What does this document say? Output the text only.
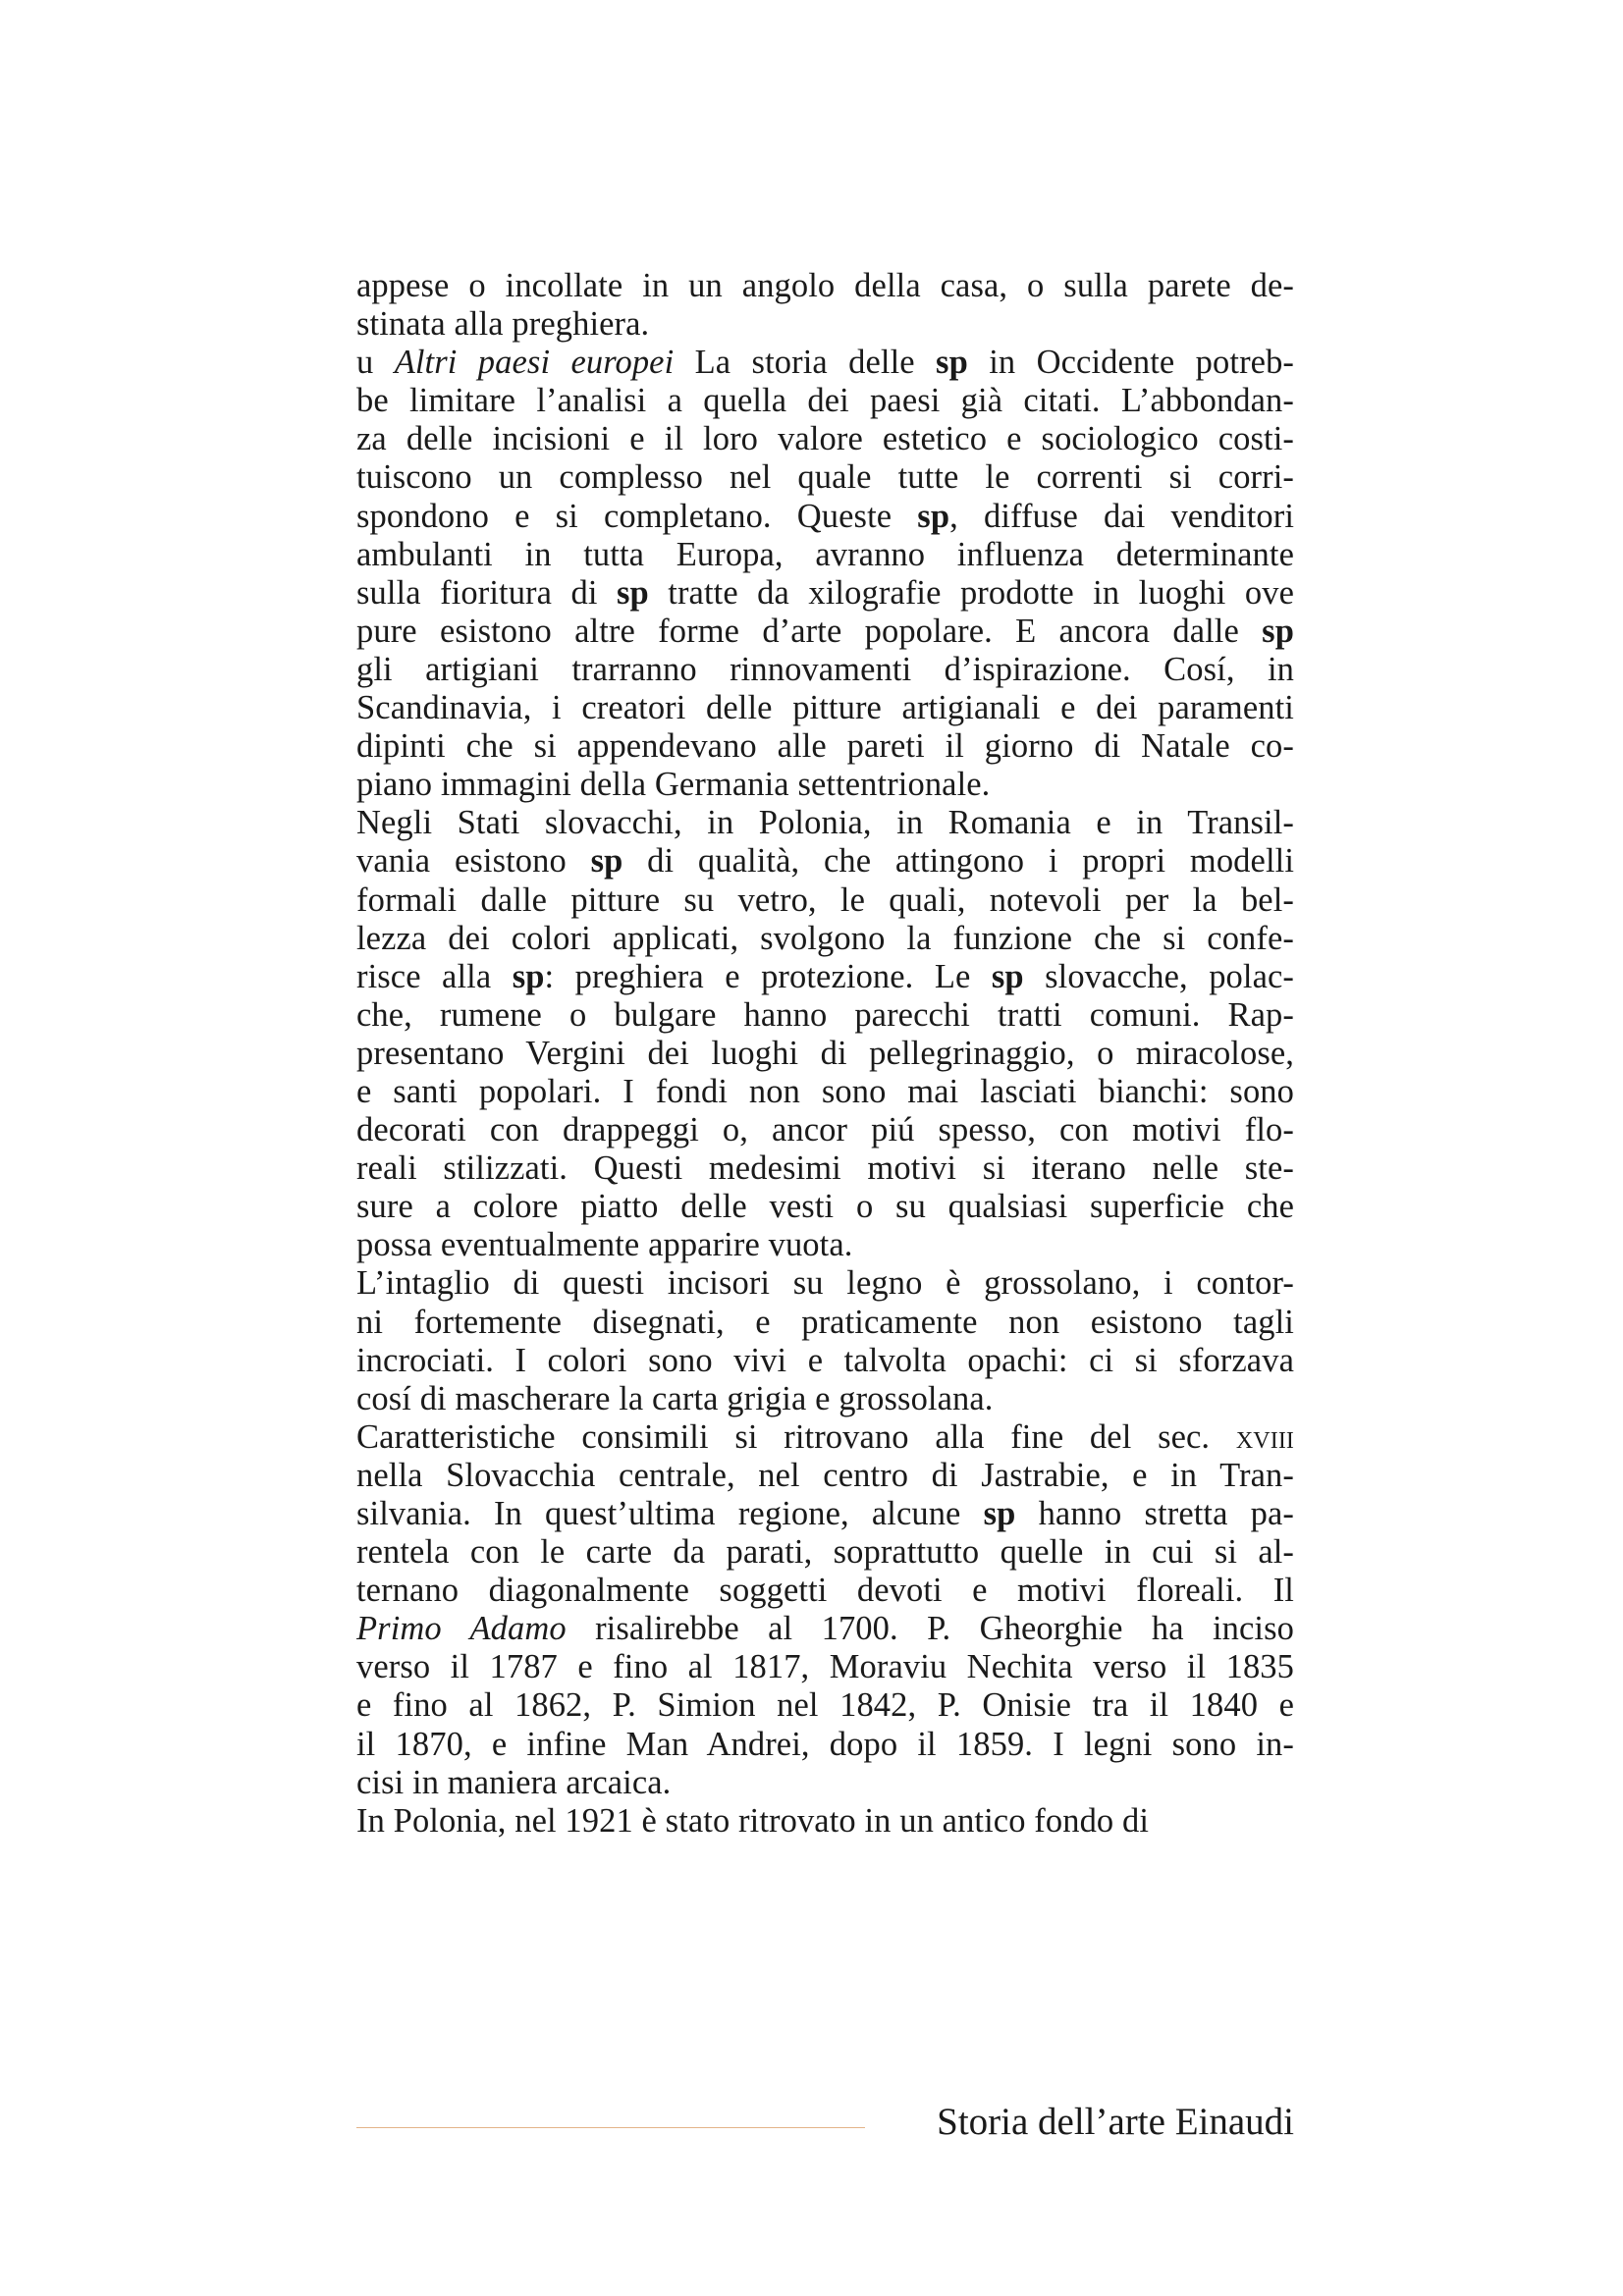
appese o incollate in un angolo della casa, o sulla parete de-
stinata alla preghiera.
u Altri paesi europei La storia delle sp in Occidente potreb-
be limitare l’analisi a quella dei paesi già citati. L’abbondan-
za delle incisioni e il loro valore estetico e sociologico costi-
tuiscono un complesso nel quale tutte le correnti si corri-
spondono e si completano. Queste sp, diffuse dai venditori
ambulanti in tutta Europa, avranno influenza determinante
sulla fioritura di sp tratte da xilografie prodotte in luoghi ove
pure esistono altre forme d’arte popolare. E ancora dalle sp
gli artigiani trarranno rinnovamenti d’ispirazione. Cosí, in
Scandinavia, i creatori delle pitture artigianali e dei paramenti
dipinti che si appendevano alle pareti il giorno di Natale co-
piano immagini della Germania settentrionale.
Negli Stati slovacchi, in Polonia, in Romania e in Transil-
vania esistono sp di qualità, che attingono i propri modelli
formali dalle pitture su vetro, le quali, notevoli per la bel-
lezza dei colori applicati, svolgono la funzione che si confe-
risce alla sp: preghiera e protezione. Le sp slovacche, polac-
che, rumene o bulgare hanno parecchi tratti comuni. Rap-
presentano Vergini dei luoghi di pellegrinaggio, o miracolose,
e santi popolari. I fondi non sono mai lasciati bianchi: sono
decorati con drappeggi o, ancor piú spesso, con motivi flo-
reali stilizzati. Questi medesimi motivi si iterano nelle ste-
sure a colore piatto delle vesti o su qualsiasi superficie che
possa eventualmente apparire vuota.
L’intaglio di questi incisori su legno è grossolano, i contor-
ni fortemente disegnati, e praticamente non esistono tagli
incrociati. I colori sono vivi e talvolta opachi: ci si sforzava
cosí di mascherare la carta grigia e grossolana.
Caratteristiche consimili si ritrovano alla fine del sec. xviii
nella Slovacchia centrale, nel centro di Jastrabie, e in Tran-
silvania. In quest’ultima regione, alcune sp hanno stretta pa-
rentela con le carte da parati, soprattutto quelle in cui si al-
ternano diagonalmente soggetti devoti e motivi floreali. Il
Primo Adamo risalirebbe al 1700. P. Gheorghie ha inciso
verso il 1787 e fino al 1817, Moraviu Nechita verso il 1835
e fino al 1862, P. Simion nel 1842, P. Onisie tra il 1840 e
il 1870, e infine Man Andrei, dopo il 1859. I legni sono in-
cisi in maniera arcaica.
In Polonia, nel 1921 è stato ritrovato in un antico fondo di
Storia dell’arte Einaudi
